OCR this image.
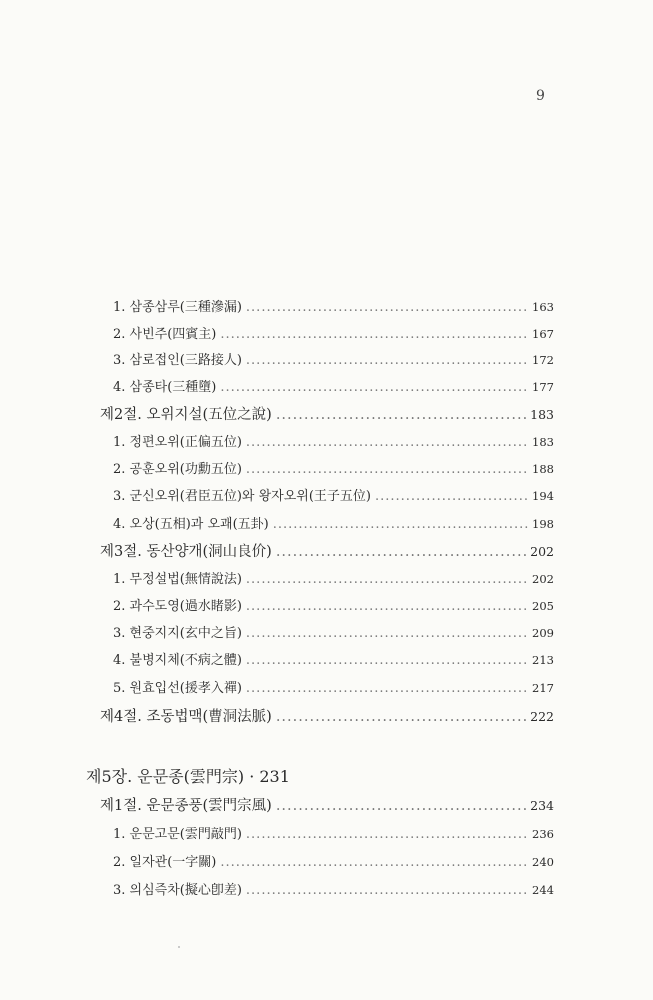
9
1. 삼종삼루(三種滲漏) .....	163
2. 사빈주(四賓主) .....	167
3. 삼로접인(三路接人) .....	172
4. 삼종타(三種墮) .....	177
제2절. 오위지설(五位之說) .....	183
1. 정편오위(正偏五位) .....	183
2. 공훈오위(功勳五位) .....	188
3. 군신오위(君臣五位)와 왕자오위(王子五位) .....	194
4. 오상(五相)과 오괘(五卦) .....	198
제3절. 동산양개(洞山良价) .....	202
1. 무정설법(無情說法) .....	202
2. 과수도영(過水睹影) .....	205
3. 현중지지(玄中之旨) .....	209
4. 불병지체(不病之體) .....	213
5. 원효입선(援孝入禪) .....	217
제4절. 조동법맥(曹洞法脈) .....	222
제5장. 운문종(雲門宗) · 231
제1절. 운문종풍(雲門宗風) .....	234
1. 운문고문(雲門敲門) .....	236
2. 일자관(一字關) .....	240
3. 의심즉차(擬心卽差) .....	244
